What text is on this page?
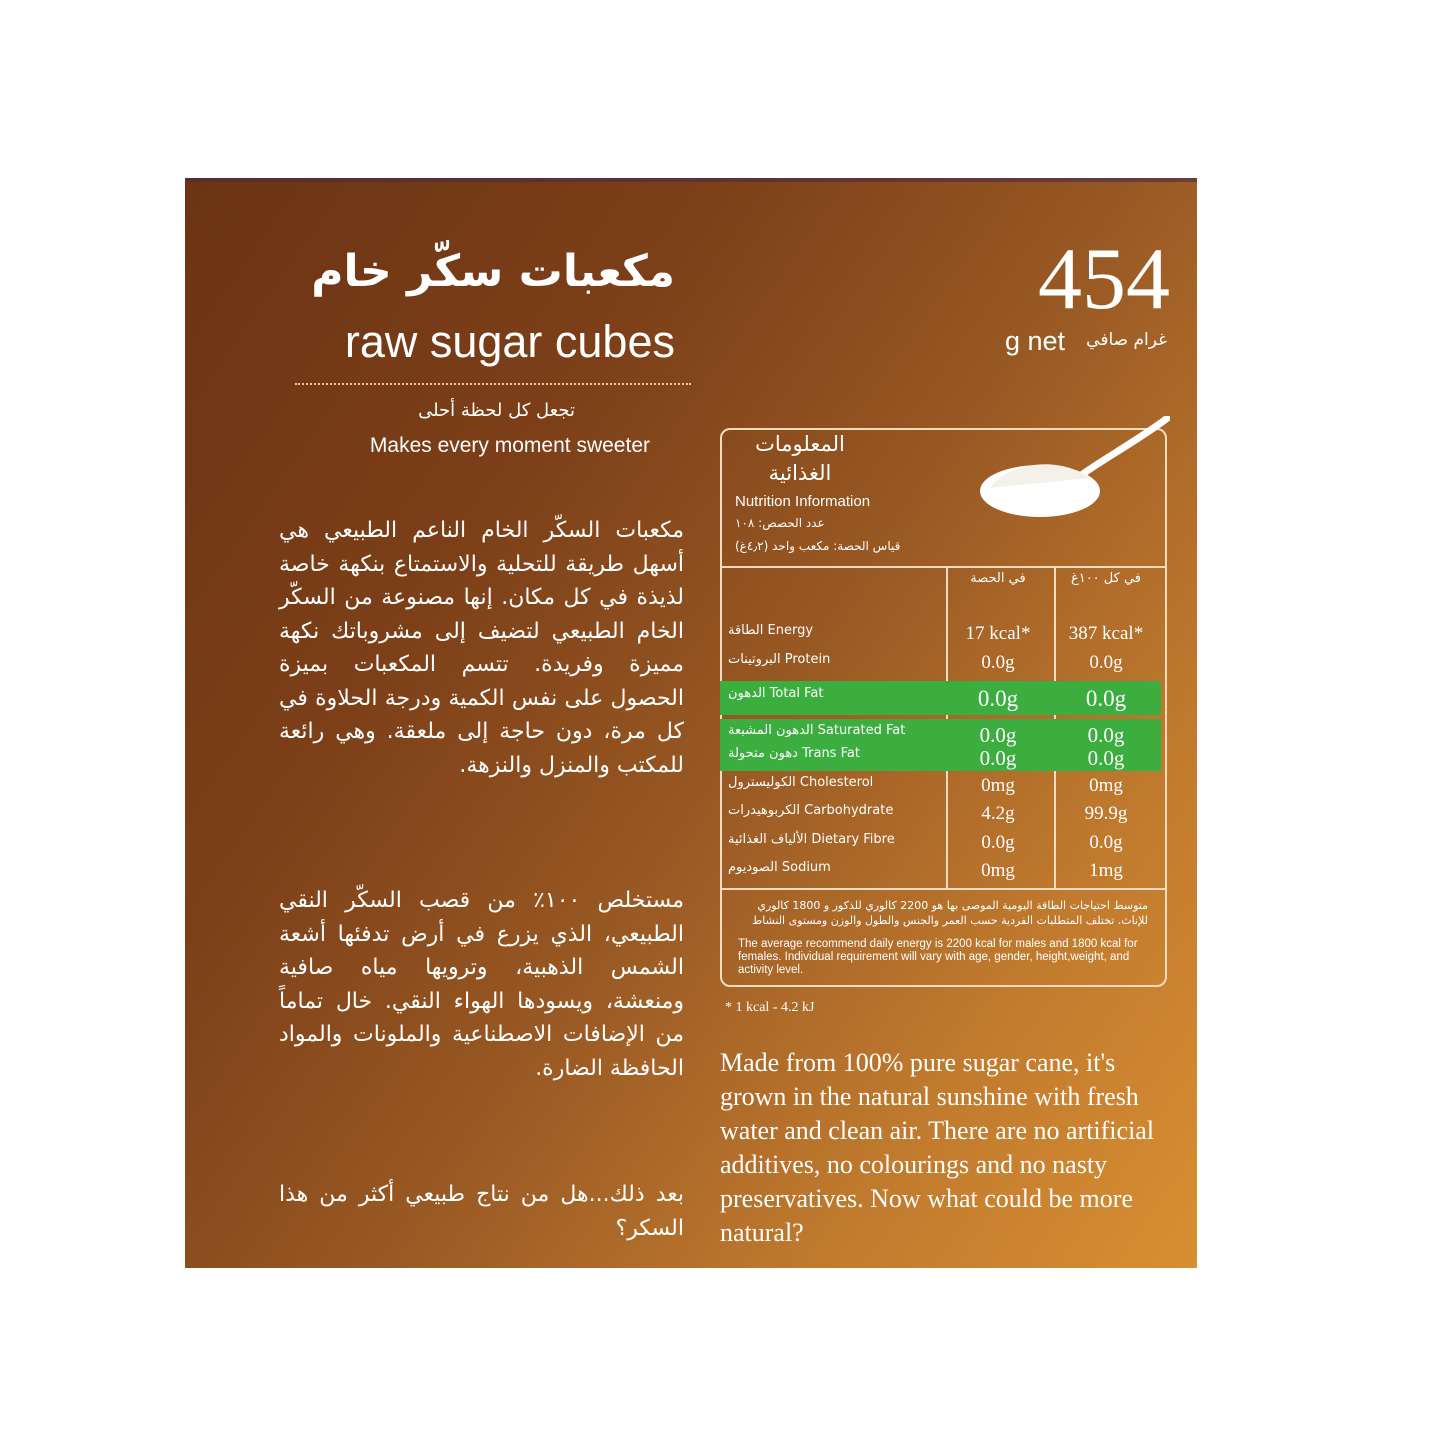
مكعبات سكّر خام
raw sugar cubes
تجعل كل لحظة أحلى
Makes every moment sweeter
مكعبات السكّر الخام الناعم الطبيعي هي أسهل طريقة للتحلية والاستمتاع بنكهة خاصة لذيذة في كل مكان. إنها مصنوعة من السكّر الخام الطبيعي لتضيف إلى مشروباتك نكهة مميزة وفريدة. تتسم المكعبات بميزة الحصول على نفس الكمية ودرجة الحلاوة في كل مرة، دون حاجة إلى ملعقة. وهي رائعة للمكتب والمنزل والنزهة.
مستخلص ١٠٠٪ من قصب السكّر النقي الطبيعي، الذي يزرع في أرض تدفئها أشعة الشمس الذهبية، وترويها مياه صافية ومنعشة، ويسودها الهواء النقي. خال تماماً من الإضافات الاصطناعية والملونات والمواد الحافظة الضارة.
بعد ذلك...هل من نتاج طبيعي أكثر من هذا السكر؟
454
g net	غرام صافي
المعلومات
الغذائية
Nutrition Information
عدد الحصص: ١٠٨
قياس الحصة: مكعب واحد (٤٫٢غ)
في الحصة	في كل ١٠٠غ
الطاقة Energy	17 kcal*	387 kcal*
البروتينات Protein	0.0g	0.0g
الدهون Total Fat	0.0g	0.0g
الدهون المشبعة Saturated Fat	0.0g	0.0g
دهون متحولة Trans Fat	0.0g	0.0g
الكوليسترول Cholesterol	0mg	0mg
الكربوهيدرات Carbohydrate	4.2g	99.9g
الألياف الغذائية Dietary Fibre	0.0g	0.0g
الصوديوم Sodium	0mg	1mg
متوسط احتياجات الطاقة اليومية الموصى بها هو 2200 كالوري للذكور و 1800 كالوري للإناث. تختلف المتطلبات الفردية حسب العمر والجنس والطول والوزن ومستوى النشاط
The average recommend daily energy is 2200 kcal for males and 1800 kcal for females. Individual requirement will vary with age, gender, height,weight, and activity level.
* 1 kcal - 4.2 kJ
Made from 100% pure sugar cane, it's grown in the natural sunshine with fresh water and clean air. There are no artificial additives, no colourings and no nasty preservatives. Now what could be more natural?
